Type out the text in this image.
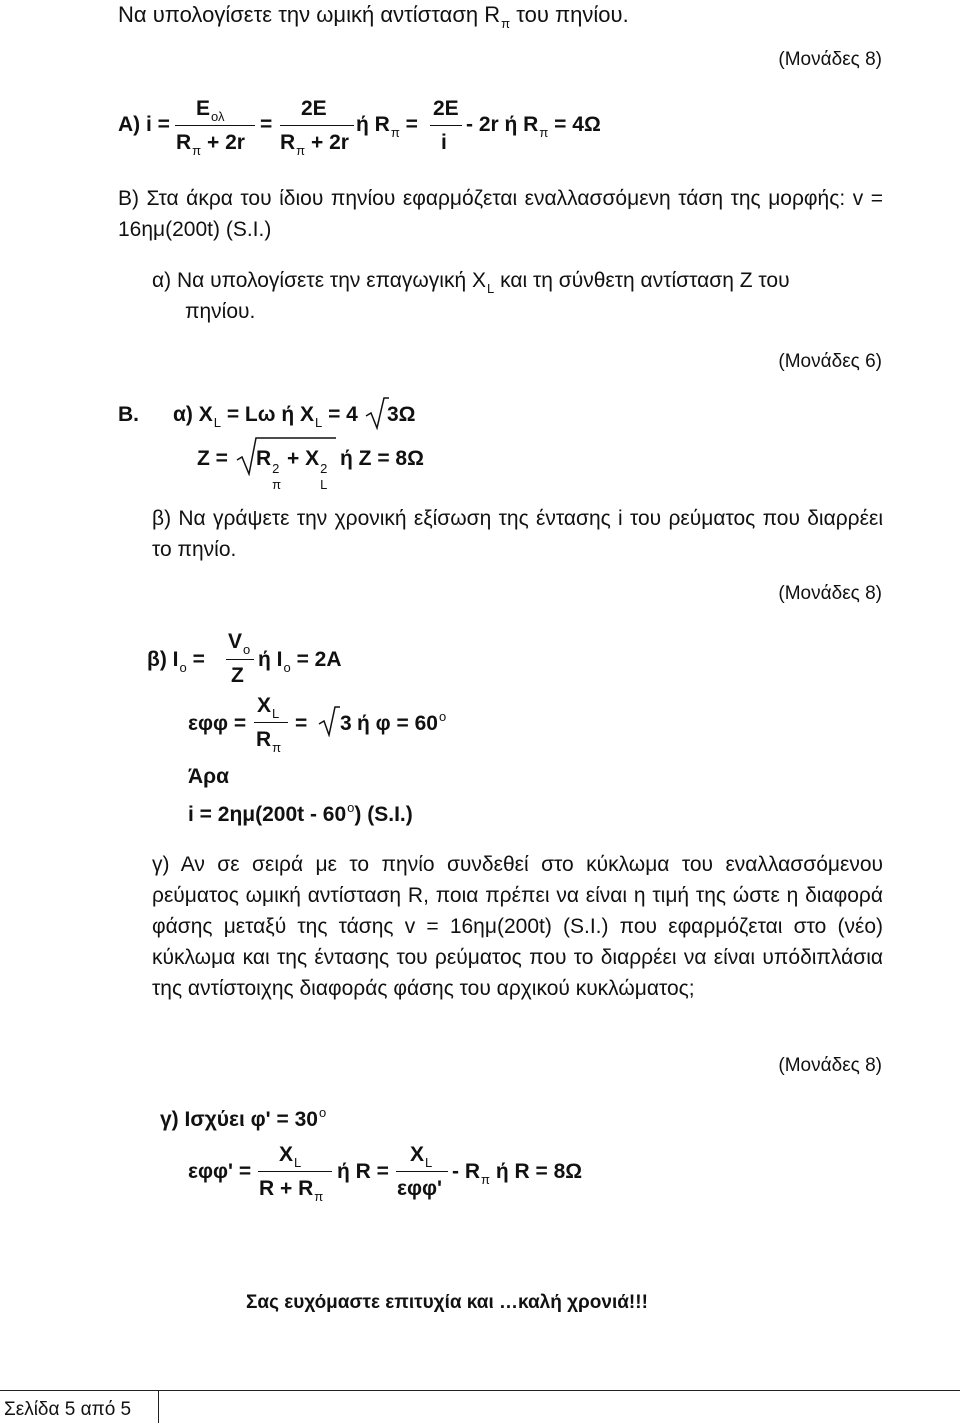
Να υπολογίσετε την ωμική αντίσταση $R_\pi$ του πηνίου.
(Μονάδες 8)
Α) i =
$E_{o\lambda}$
$R_\pi + 2r$
=
2E
$R_\pi + 2r$
ή $R_\pi$ =
2E
i
- 2r ή $R_\pi = 4\Omega$
Β) Στα άκρα του ίδιου πηνίου εφαρμόζεται εναλλασσόμενη τάση της μορφής: v = 16ημ(200t) (S.I.)
α) Να υπολογίσετε την επαγωγική $X_L$ και τη σύνθετη αντίσταση Z του
πηνίου.
(Μονάδες 6)
Β. α) $X_L = L\omega$ ή $X_L = 4$ 3Ω
Z = R 2
π
+ X 2
L
ή Z = 8Ω
β) Να γράψετε την χρονική εξίσωση της έντασης i του ρεύματος που διαρρέει το πηνίο.
(Μονάδες 8)
β) $I_o$ =
$V_o$
Z
ή $I_o = 2A$
εφφ =
$X_L$
$R_\pi$
= 3 ή $\varphi = 60^o$
Άρα
i = 2ημ(200t - 60$^o$) (S.I.)
γ) Αν σε σειρά με το πηνίο συνδεθεί στο κύκλωμα του εναλλασσόμενου ρεύματος ωμική αντίσταση R, ποια πρέπει να είναι η τιμή της ώστε η διαφορά φάσης μεταξύ της τάσης v = 16ημ(200t) (S.I.) που εφαρμόζεται στο (νέο) κύκλωμα και της έντασης του ρεύματος που το διαρρέει να είναι υπόδιπλάσια της αντίστοιχης διαφοράς φάσης του αρχικού κυκλώματος;
(Μονάδες 8)
γ) Ισχύει $\varphi' = 30^o$
εφφ' =
$X_L$
$R + R_\pi$
ή R =
$X_L$
εφφ'
- $R_\pi$ ή R = 8Ω
Σας ευχόμαστε επιτυχία και …καλή χρονιά!!!
Σελίδα 5 από 5
